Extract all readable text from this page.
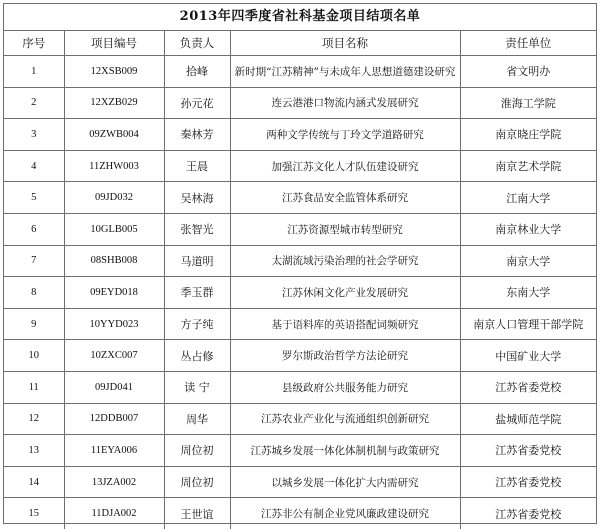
2013年四季度省社科基金项目结项名单
序号	项目编号	负责人	项目名称	责任单位
1	12XSB009	拾峰	新时期“江苏精神”与未成年人思想道德建设研究	省文明办
2	12XZB029	孙元花	连云港港口物流内涵式发展研究	淮海工学院
3	09ZWB004	秦林芳	两种文学传统与丁玲文学道路研究	南京晓庄学院
4	11ZHW003	王晨	加强江苏文化人才队伍建设研究	南京艺术学院
5	09JD032	吴林海	江苏食品安全监管体系研究	江南大学
6	10GLB005	张智光	江苏资源型城市转型研究	南京林业大学
7	08SHB008	马道明	太湖流域污染治理的社会学研究	南京大学
8	09EYD018	季玉群	江苏休闲文化产业发展研究	东南大学
9	10YYD023	方子纯	基于语料库的英语搭配词频研究	南京人口管理干部学院
10	10ZXC007	丛占修	罗尔斯政治哲学方法论研究	中国矿业大学
11	09JD041	读 宁	县级政府公共服务能力研究	江苏省委党校
12	12DDB007	周华	江苏农业产业化与流通组织创新研究	盐城师范学院
13	11EYA006	周位初	江苏城乡发展一体化体制机制与政策研究	江苏省委党校
14	13JZA002	周位初	以城乡发展一体化扩大内需研究	江苏省委党校
15	11DJA002	王世谊	江苏非公有制企业党风廉政建设研究	江苏省委党校
